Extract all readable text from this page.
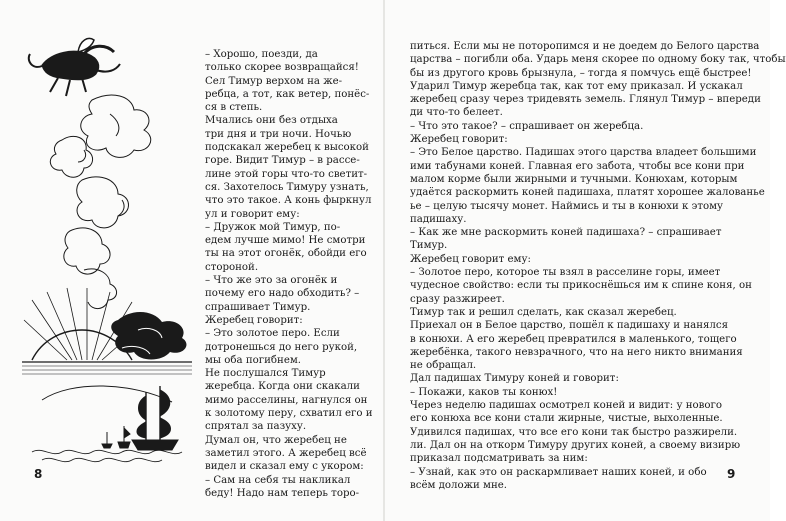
– Хорошо, поезди, да

только скорее возвращайся!

Сел Тимур верхом на же-

ребца, а тот, как ветер, понёс-

ся в степь.

Мчались они без отдыха

три дня и три ночи. Ночью

подскакал жеребец к высокой

горе. Видит Тимур – в рассе-

лине этой горы что-то светит-

ся. Захотелось Тимуру узнать,

что это такое. А конь фыркнул

ул и говорит ему:

– Дружок мой Тимур, по-

едем лучше мимо! Не смотри

ты на этот огонёк, обойди его

стороной.

– Что же это за огонёк и

почему его надо обходить? –

спрашивает Тимур.

Жеребец говорит:

– Это золотое перо. Если

дотронешься до него рукой,

мы оба погибнем.

Не послушался Тимур

жеребца. Когда они скакали

мимо расселины, нагнулся он

к золотому перу, схватил его и

спрятал за пазуху.

Думал он, что жеребец не

заметил этого. А жеребец всё

видел и сказал ему с укором:

– Сам на себя ты накликал

беду! Надо нам теперь торо-

8	9

питься. Если мы не поторопимся и не доедем до Белого царства

царства – погибли оба. Ударь меня скорее по одному боку так, чтобы

бы из другого кровь брызнула, – тогда я помчусь ещё быстрее!

Ударил Тимур жеребца так, как тот ему приказал. И ускакал

жеребец сразу через тридевять земель. Глянул Тимур – впереди

ди что-то белеет.

– Что это такое? – спрашивает он жеребца.

Жеребец говорит:

– Это Белое царство. Падишах этого царства владеет большими

ими табунами коней. Главная его забота, чтобы все кони при

малом корме были жирными и тучными. Конюхам, которым

удаётся раскормить коней падишаха, платят хорошее жалованье

ье – целую тысячу монет. Наймись и ты в конюхи к этому

падишаху.

– Как же мне раскормить коней падишаха? – спрашивает

Тимур.

Жеребец говорит ему:

– Золотое перо, которое ты взял в расселине горы, имеет

чудесное свойство: если ты прикоснёшься им к спине коня, он

сразу разжиреет.

Тимур так и решил сделать, как сказал жеребец.

Приехал он в Белое царство, пошёл к падишаху и нанялся

в конюхи. А его жеребец превратился в маленького, тощего

жеребёнка, такого невзрачного, что на него никто внимания

не обращал.

Дал падишах Тимуру коней и говорит:

– Покажи, каков ты конюх!

Через неделю падишах осмотрел коней и видит: у нового

его конюха все кони стали жирные, чистые, выхоленные.

Удивился падишах, что все его кони так быстро разжирели.

ли. Дал он на откорм Тимуру других коней, а своему визирю

приказал подсматривать за ним:

– Узнай, как это он раскармливает наших коней, и обо

всём доложи мне.
